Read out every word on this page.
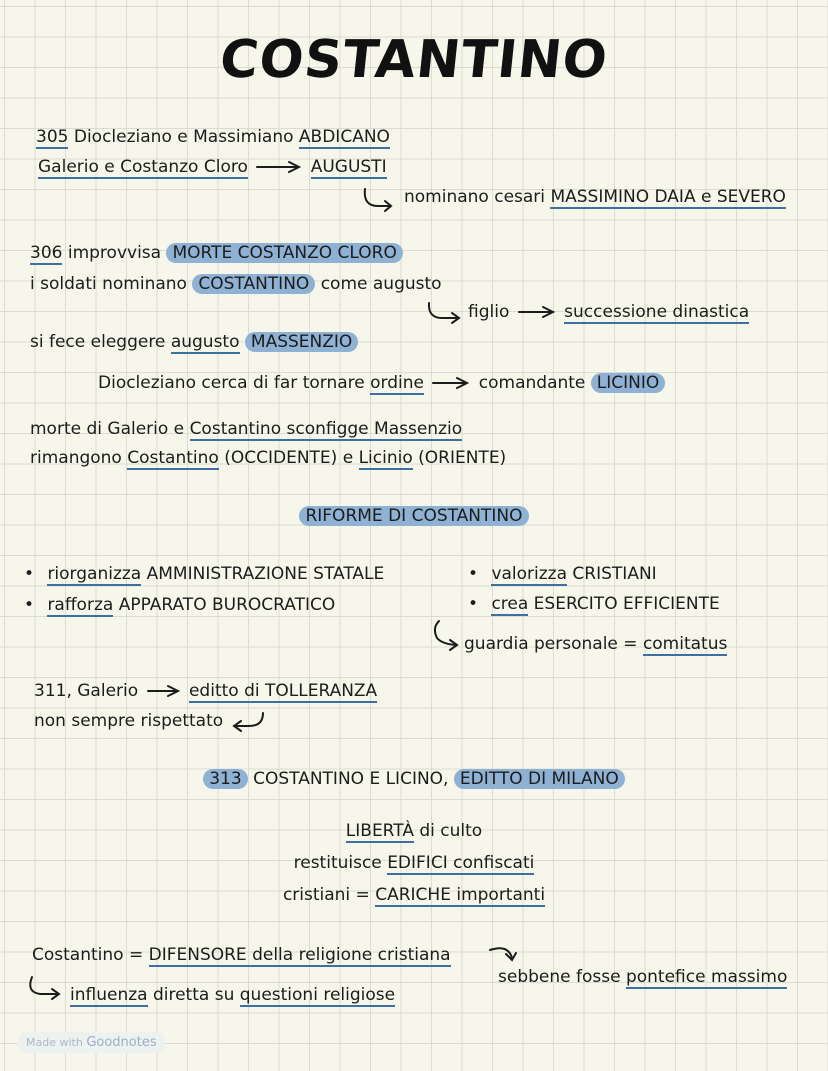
COSTANTINO
305 Diocleziano e Massimiano ABDICANO
Galerio e Costanzo Cloro	AUGUSTI
nominano cesari MASSIMINO DAIA e SEVERO
306 improvvisa MORTE COSTANZO CLORO
i soldati nominano COSTANTINO come augusto
figlio	successione dinastica
si fece eleggere augusto MASSENZIO
Diocleziano cerca di far tornare ordine	comandante LICINIO
morte di Galerio e Costantino sconfigge Massenzio
rimangono Costantino (OCCIDENTE) e Licinio (ORIENTE)
RIFORME DI COSTANTINO
• riorganizza AMMINISTRAZIONE STATALE
• rafforza APPARATO BUROCRATICO
• valorizza CRISTIANI
• crea ESERCITO EFFICIENTE
guardia personale = comitatus
311, Galerio	editto di TOLLERANZA
non sempre rispettato
313 COSTANTINO E LICINO, EDITTO DI MILANO
LIBERTÀ di culto
restituisce EDIFICI confiscati
cristiani = CARICHE importanti
Costantino = DIFENSORE della religione cristiana
sebbene fosse pontefice massimo
influenza diretta su questioni religiose
Made with Goodnotes
